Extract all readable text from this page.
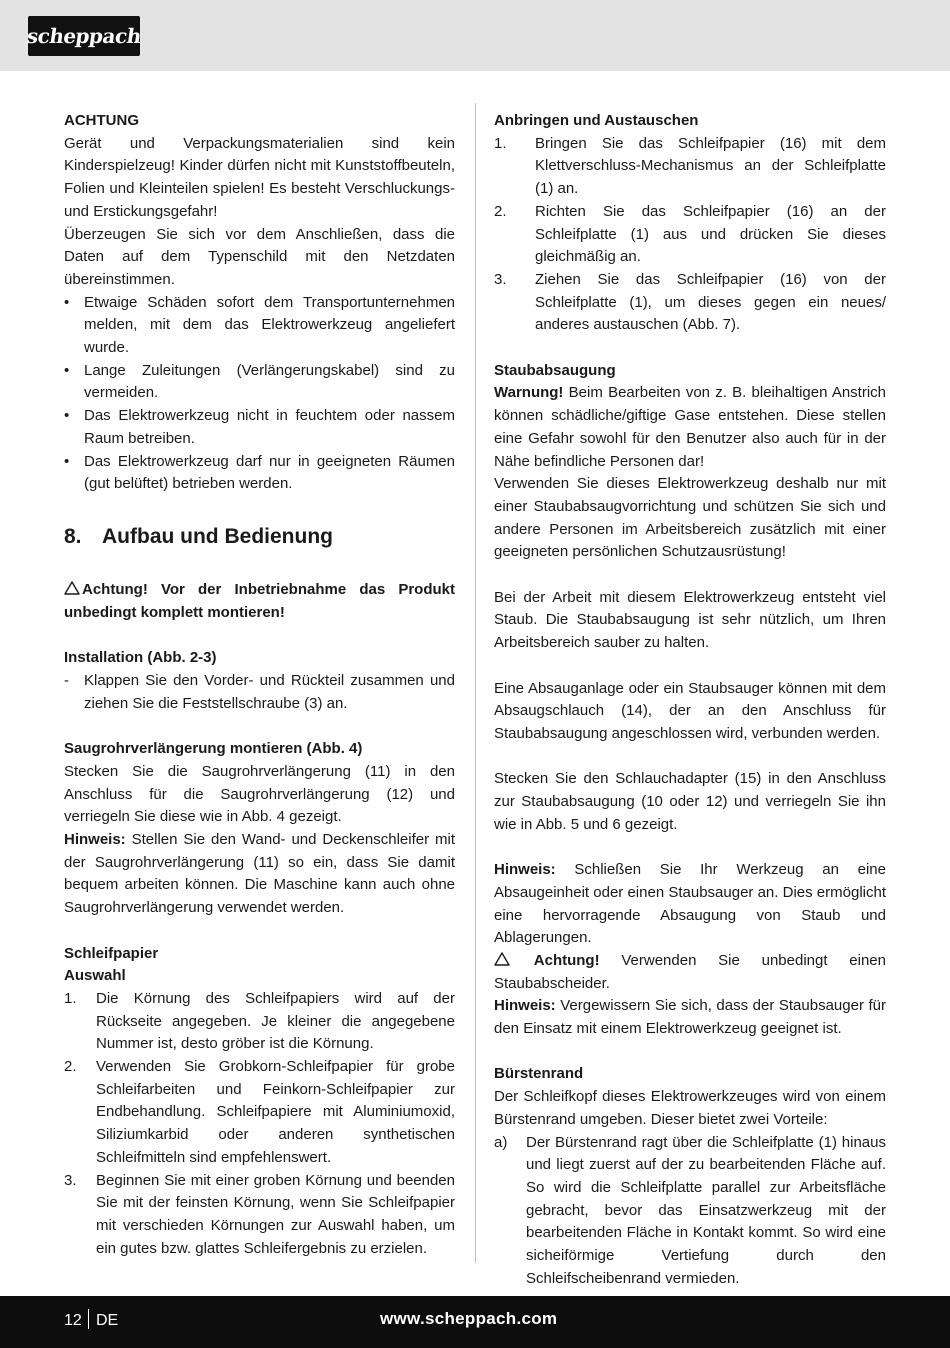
scheppach

ACHTUNG

Gerät und Verpackungsmaterialien sind kein Kinderspielzeug! Kinder dürfen nicht mit Kunststoffbeuteln, Folien und Kleinteilen spielen! Es besteht Verschluckungs- und Erstickungsgefahr!

Überzeugen Sie sich vor dem Anschließen, dass die Daten auf dem Typenschild mit den Netzdaten übereinstimmen.

• Etwaige Schäden sofort dem Transportunternehmen melden, mit dem das Elektrowerkzeug angeliefert wurde.
• Lange Zuleitungen (Verlängerungskabel) sind zu vermeiden.
• Das Elektrowerkzeug nicht in feuchtem oder nassem Raum betreiben.
• Das Elektrowerkzeug darf nur in geeigneten Räumen (gut belüftet) betrieben werden.
8. Aufbau und Bedienung

Achtung! Vor der Inbetriebnahme das Produkt unbedingt komplett montieren!

Installation (Abb. 2-3)

- Klappen Sie den Vorder- und Rückteil zusammen und ziehen Sie die Feststellschraube (3) an.

Saugrohrverlängerung montieren (Abb. 4)

Stecken Sie die Saugrohrverlängerung (11) in den Anschluss für die Saugrohrverlängerung (12) und verriegeln Sie diese wie in Abb. 4 gezeigt.

Hinweis: Stellen Sie den Wand- und Deckenschleifer mit der Saugrohrverlängerung (11) so ein, dass Sie damit bequem arbeiten können. Die Maschine kann auch ohne Saugrohrverlängerung verwendet werden.

Schleifpapier

Auswahl

1. Die Körnung des Schleifpapiers wird auf der Rückseite angegeben. Je kleiner die angegebene Nummer ist, desto gröber ist die Körnung.
2. Verwenden Sie Grobkorn-Schleifpapier für grobe Schleifarbeiten und Feinkorn-Schleifpapier zur Endbehandlung. Schleifpapiere mit Aluminiumoxid, Siliziumkarbid oder anderen synthetischen Schleifmitteln sind empfehlenswert.
3. Beginnen Sie mit einer groben Körnung und beenden Sie mit der feinsten Körnung, wenn Sie Schleifpapier mit verschieden Körnungen zur Auswahl haben, um ein gutes bzw. glattes Schleifergebnis zu erzielen.

Anbringen und Austauschen

1. Bringen Sie das Schleifpapier (16) mit dem Klettverschluss-Mechanismus an der Schleifplatte (1) an.
2. Richten Sie das Schleifpapier (16) an der Schleifplatte (1) aus und drücken Sie dieses gleichmäßig an.
3. Ziehen Sie das Schleifpapier (16) von der Schleifplatte (1), um dieses gegen ein neues/ anderes austauschen (Abb. 7).

Staubabsaugung

Warnung! Beim Bearbeiten von z. B. bleihaltigen Anstrich können schädliche/giftige Gase entstehen. Diese stellen eine Gefahr sowohl für den Benutzer also auch für in der Nähe befindliche Personen dar!

Verwenden Sie dieses Elektrowerkzeug deshalb nur mit einer Staubabsaugvorrichtung und schützen Sie sich und andere Personen im Arbeitsbereich zusätzlich mit einer geeigneten persönlichen Schutzausrüstung!

Bei der Arbeit mit diesem Elektrowerkzeug entsteht viel Staub. Die Staubabsaugung ist sehr nützlich, um Ihren Arbeitsbereich sauber zu halten.

Eine Absauganlage oder ein Staubsauger können mit dem Absaugschlauch (14), der an den Anschluss für Staubabsaugung angeschlossen wird, verbunden werden.

Stecken Sie den Schlauchadapter (15) in den Anschluss zur Staubabsaugung (10 oder 12) und verriegeln Sie ihn wie in Abb. 5 und 6 gezeigt.

Hinweis: Schließen Sie Ihr Werkzeug an eine Absaugeinheit oder einen Staubsauger an. Dies ermöglicht eine hervorragende Absaugung von Staub und Ablagerungen.

Achtung! Verwenden Sie unbedingt einen Staubabscheider.

Hinweis: Vergewissern Sie sich, dass der Staubsauger für den Einsatz mit einem Elektrowerkzeug geeignet ist.

Bürstenrand

Der Schleifkopf dieses Elektrowerkzeuges wird von einem Bürstenrand umgeben. Dieser bietet zwei Vorteile:

a) Der Bürstenrand ragt über die Schleifplatte (1) hinaus und liegt zuerst auf der zu bearbeitenden Fläche auf. So wird die Schleifplatte parallel zur Arbeitsfläche gebracht, bevor das Einsatzwerkzeug mit der bearbeitenden Fläche in Kontakt kommt. So wird eine sicheiförmige Vertiefung durch den Schleifscheibenrand vermieden.
12 DE	www.scheppach.com
